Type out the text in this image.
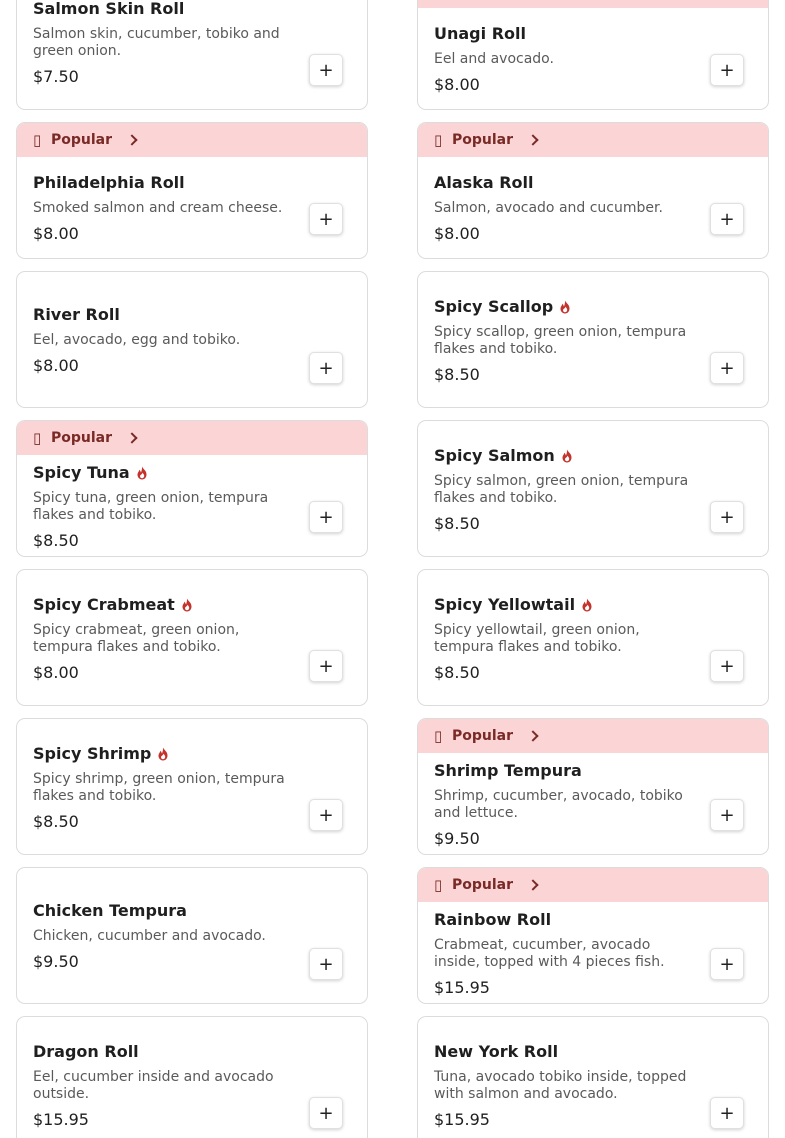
Salmon Skin Roll
Salmon skin, cucumber, tobiko and green onion.
$7.50	+
Unagi Roll
Eel and avocado.
$8.00
+
▯ Popular
Philadelphia Roll
Smoked salmon and cream cheese.
$8.00
+
▯ Popular
Alaska Roll
Salmon, avocado and cucumber.
$8.00
+
River Roll
Eel, avocado, egg and tobiko.
$8.00	+
Spicy Scallop
Spicy scallop, green onion, tempura flakes and tobiko.
$8.50	+
▯ Popular
Spicy Tuna
Spicy tuna, green onion, tempura flakes and tobiko.
$8.50
+
Spicy Salmon
Spicy salmon, green onion, tempura flakes and tobiko.
$8.50	+
Spicy Crabmeat
Spicy crabmeat, green onion, tempura flakes and tobiko.
$8.00	+
Spicy Yellowtail
Spicy yellowtail, green onion, tempura flakes and tobiko.
$8.50	+
Spicy Shrimp
Spicy shrimp, green onion, tempura flakes and tobiko.
$8.50	+
▯ Popular
Shrimp Tempura
Shrimp, cucumber, avocado, tobiko and lettuce.
$9.50
+
Chicken Tempura
Chicken, cucumber and avocado.
$9.50	+
▯ Popular
Rainbow Roll
Crabmeat, cucumber, avocado inside, topped with 4 pieces fish.
$15.95
+
Dragon Roll
Eel, cucumber inside and avocado outside.
$15.95	+
New York Roll
Tuna, avocado tobiko inside, topped with salmon and avocado.
$15.95	+
